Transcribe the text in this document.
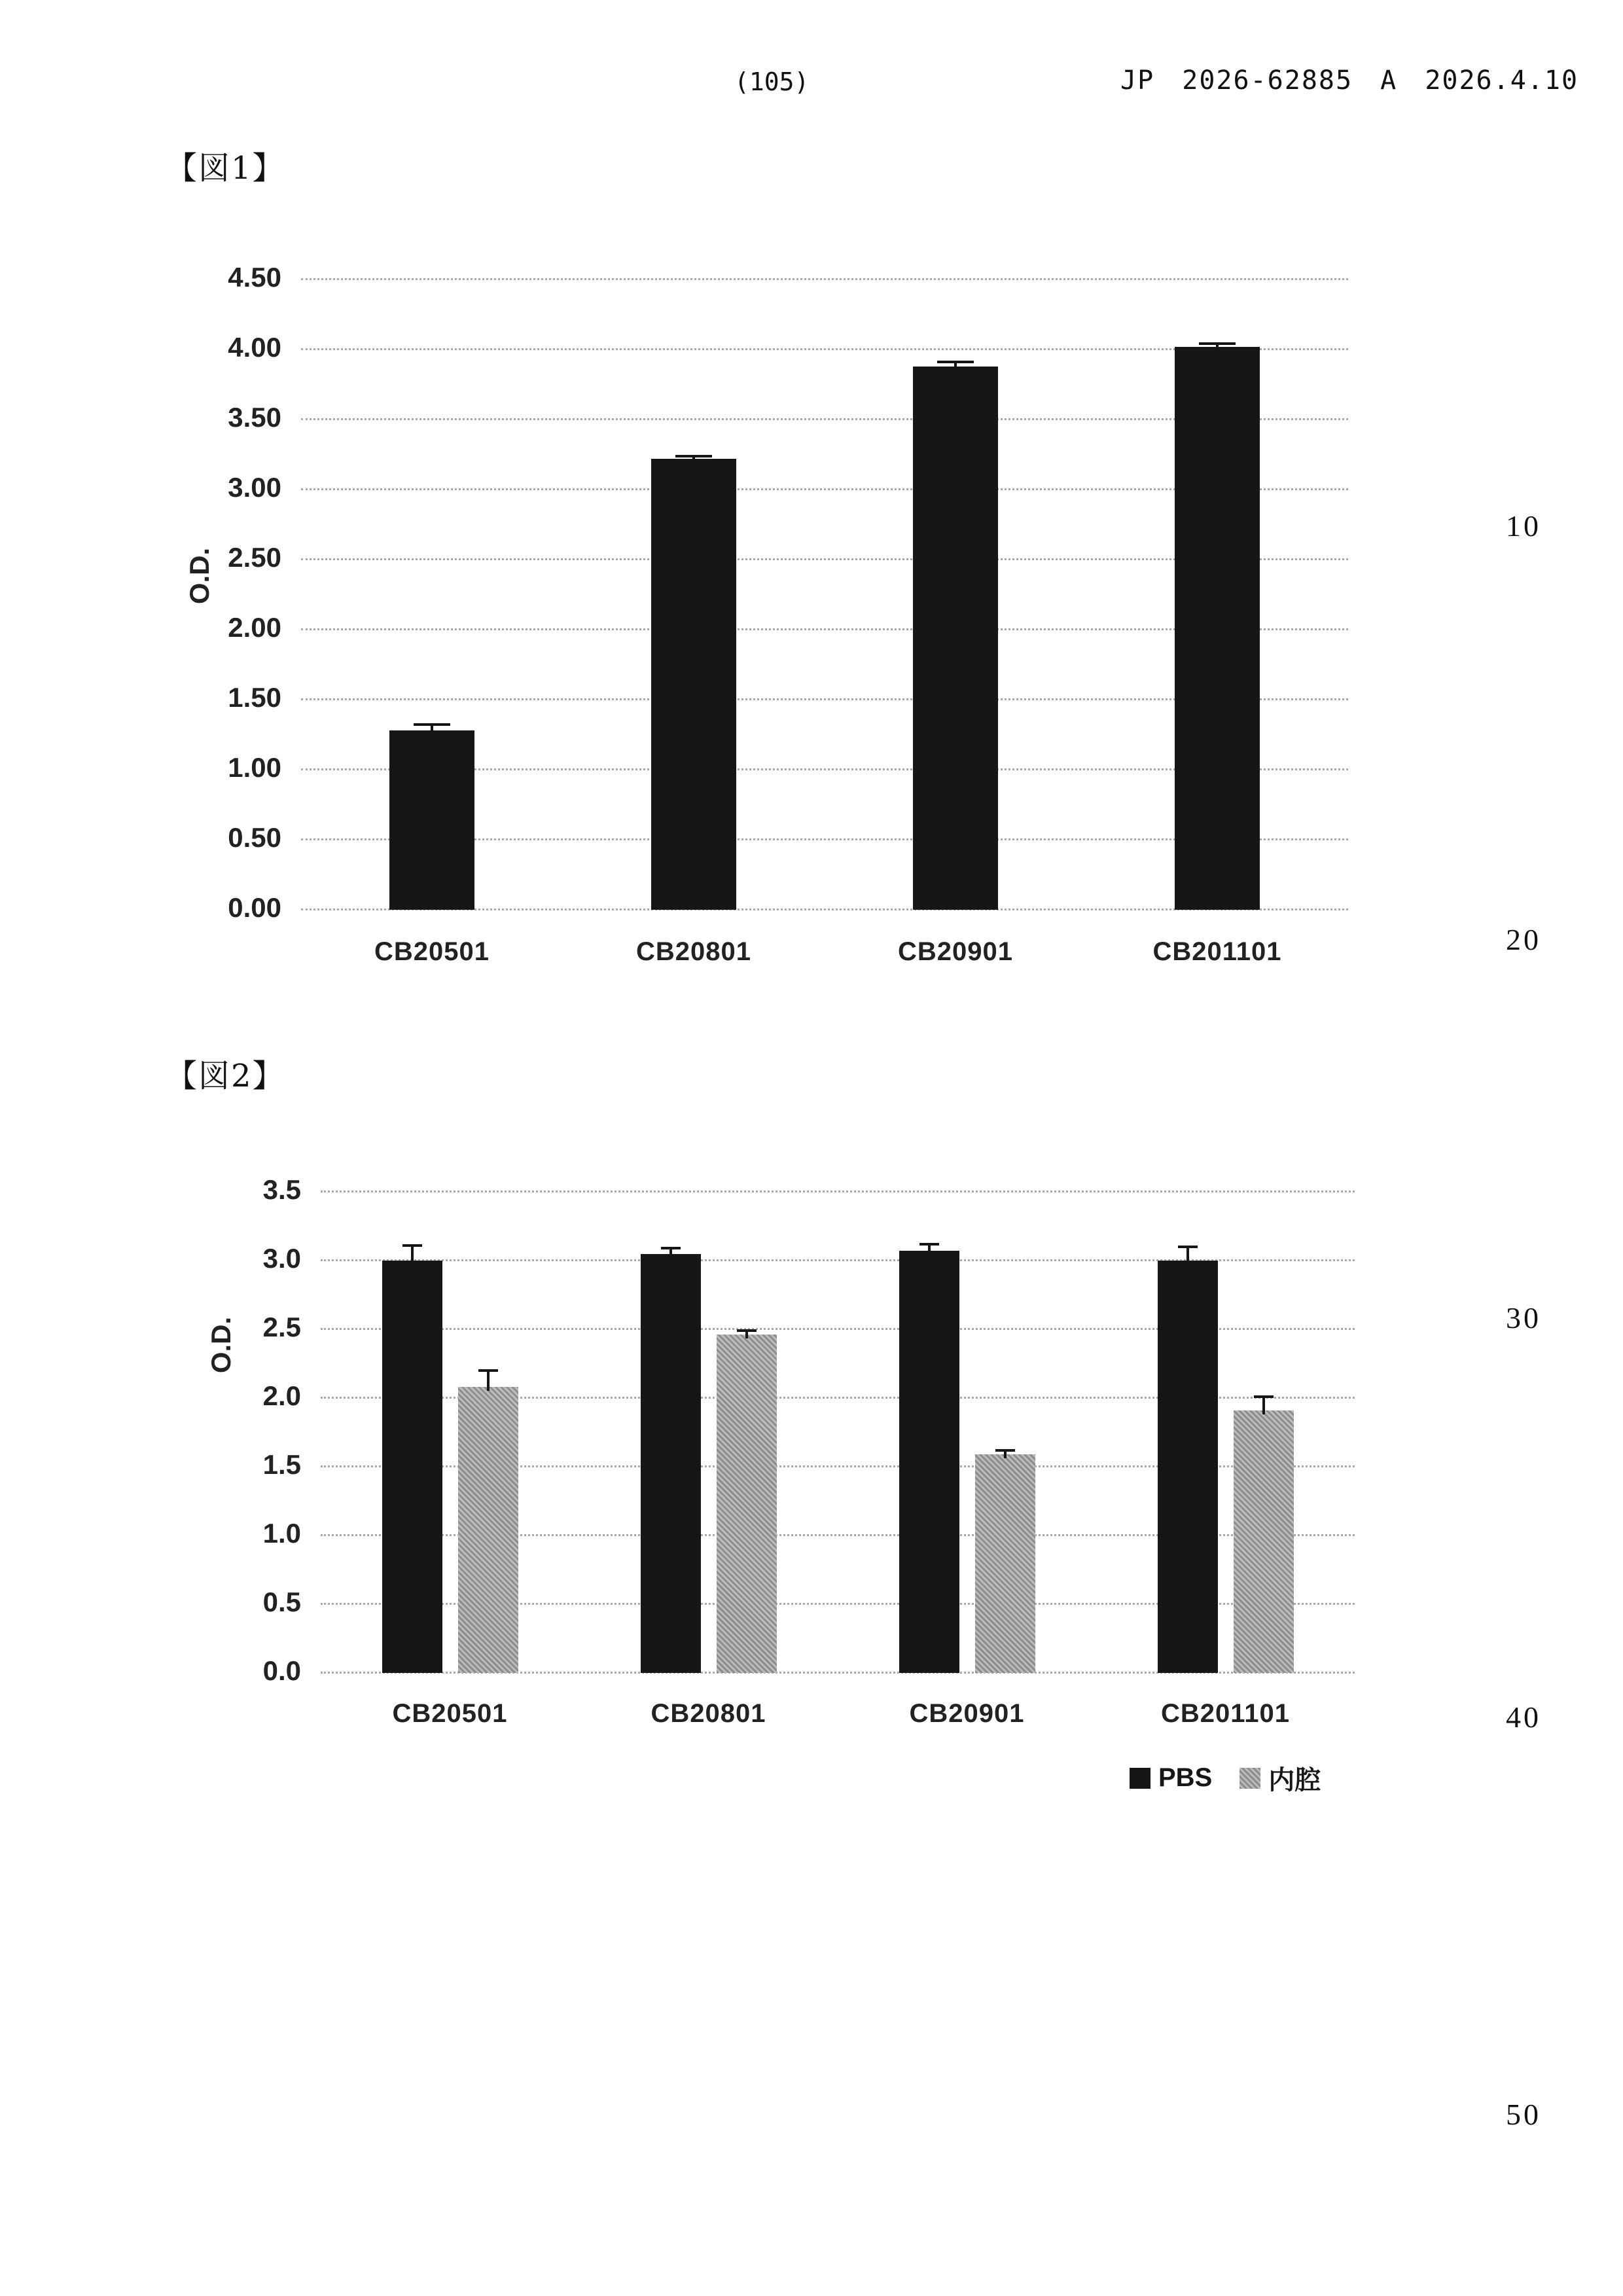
(105)	JP 2026-62885 A 2026.4.10
【図1】
【図2】
10
20
30
40
50
O.D.
0.00
0.50
1.00
1.50
2.00
2.50
3.00
3.50
4.00
4.50
CB20501	CB20801	CB20901	CB201101
O.D.
PBS 内腔
0.0
0.5
1.0
1.5
2.0
2.5
3.0
3.5
CB20501	CB20801	CB20901	CB201101
